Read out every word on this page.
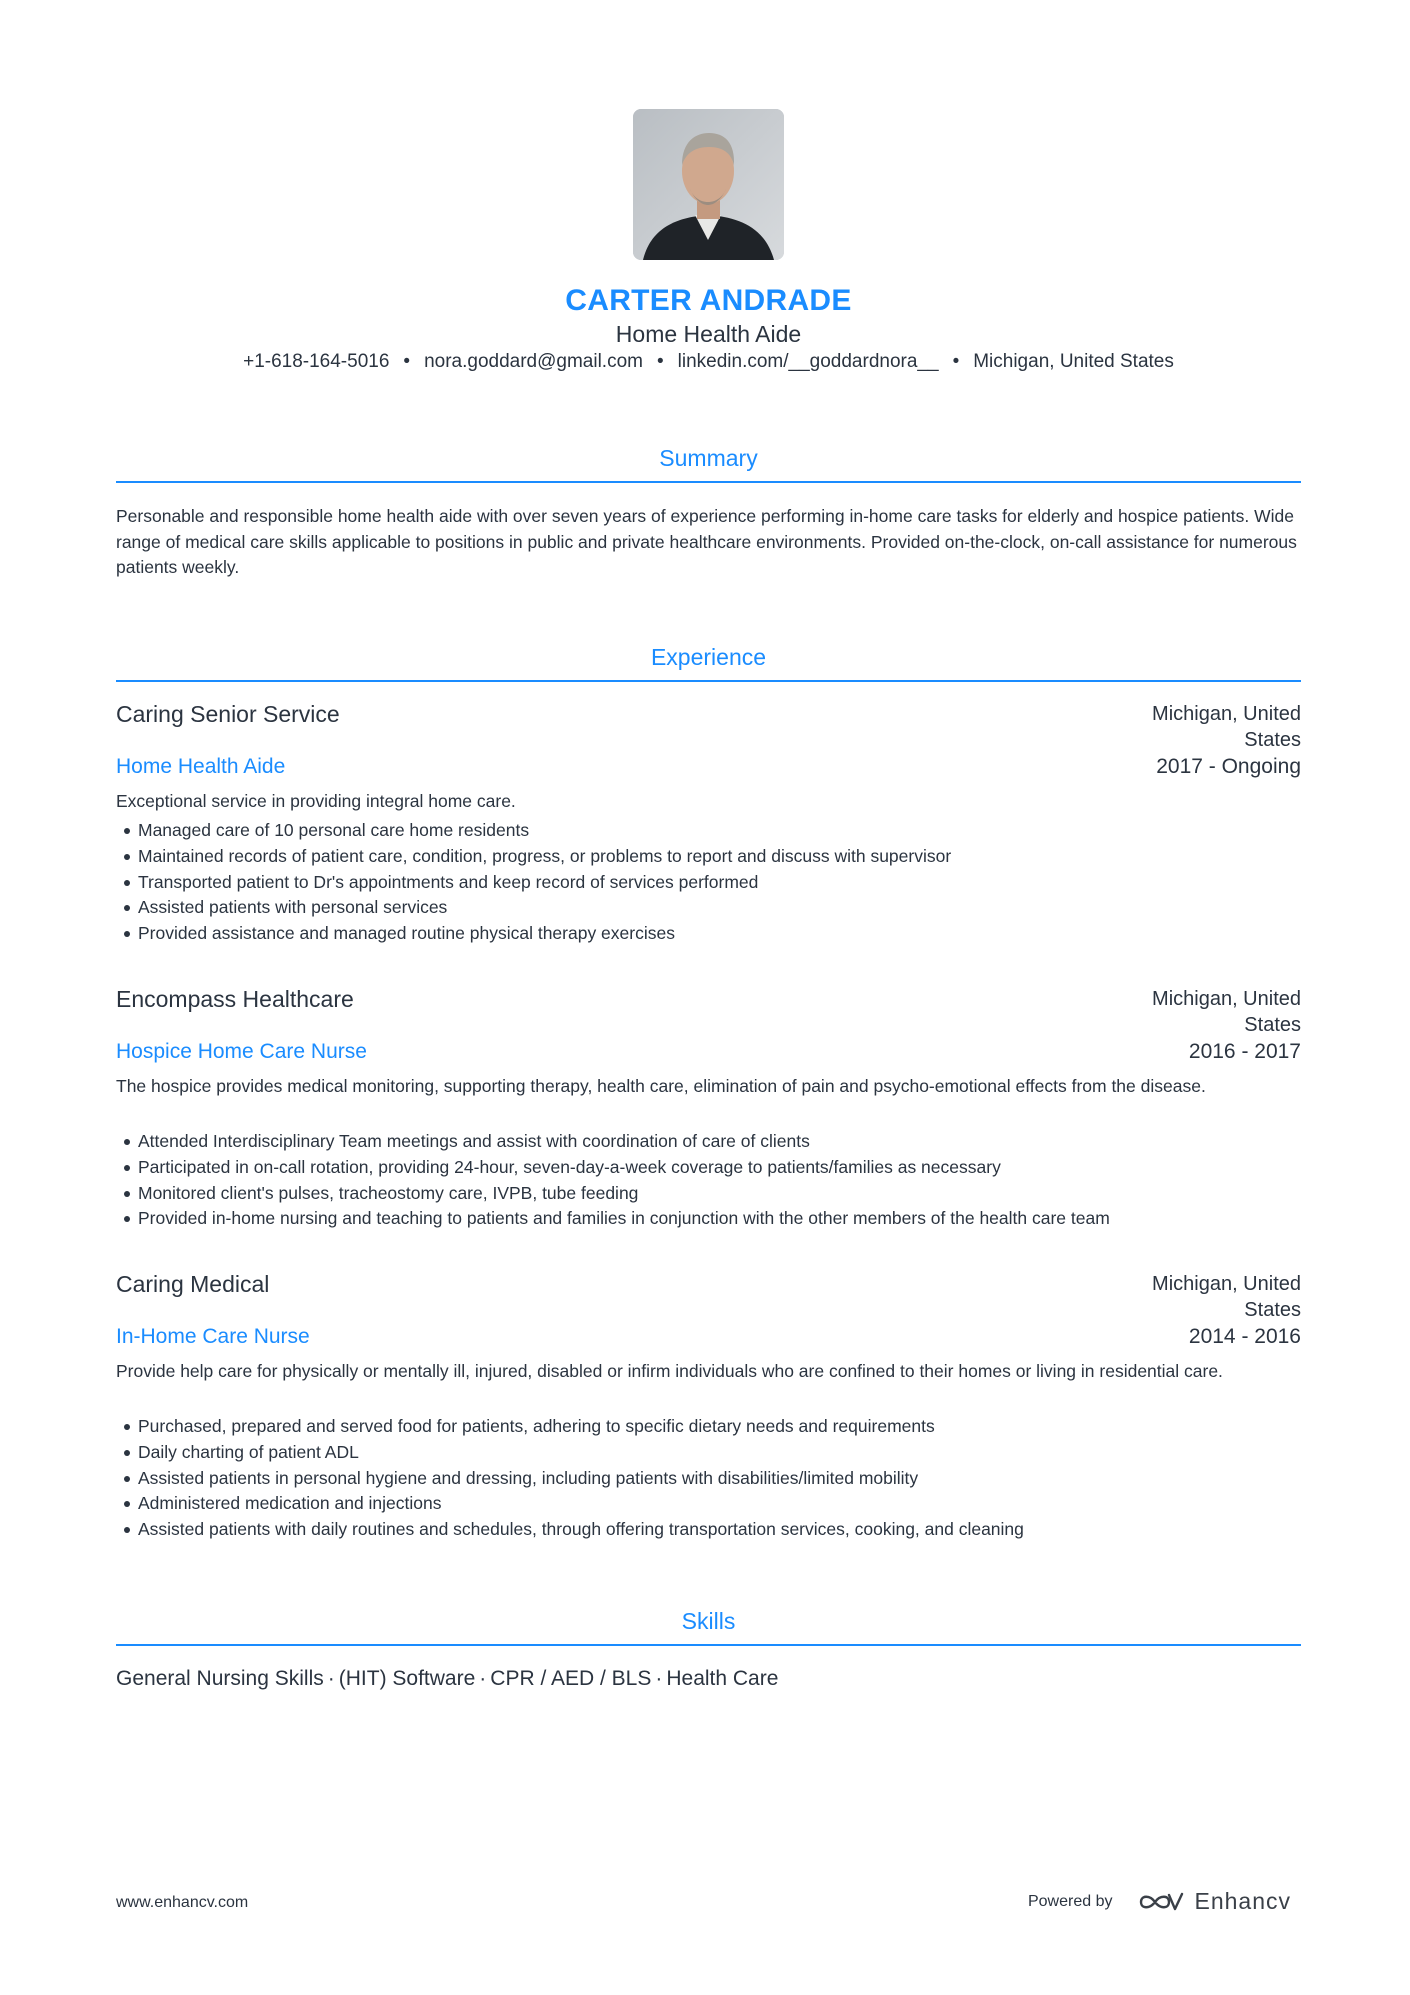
CARTER ANDRADE
Home Health Aide
+1-618-164-5016 • nora.goddard@gmail.com • linkedin.com/__goddardnora__ • Michigan, United States
Summary
Personable and responsible home health aide with over seven years of experience performing in-home care tasks for elderly and hospice patients. Wide range of medical care skills applicable to positions in public and private healthcare environments. Provided on-the-clock, on-call assistance for numerous patients weekly.
Experience
Caring Senior Service	Michigan, United States
Home Health Aide	2017 - Ongoing
Exceptional service in providing integral home care.
Managed care of 10 personal care home residents
Maintained records of patient care, condition, progress, or problems to report and discuss with supervisor
Transported patient to Dr's appointments and keep record of services performed
Assisted patients with personal services
Provided assistance and managed routine physical therapy exercises
Encompass Healthcare	Michigan, United States
Hospice Home Care Nurse	2016 - 2017
The hospice provides medical monitoring, supporting therapy, health care, elimination of pain and psycho-emotional effects from the disease.
Attended Interdisciplinary Team meetings and assist with coordination of care of clients
Participated in on-call rotation, providing 24-hour, seven-day-a-week coverage to patients/families as necessary
Monitored client's pulses, tracheostomy care, IVPB, tube feeding
Provided in-home nursing and teaching to patients and families in conjunction with the other members of the health care team
Caring Medical	Michigan, United States
In-Home Care Nurse	2014 - 2016
Provide help care for physically or mentally ill, injured, disabled or infirm individuals who are confined to their homes or living in residential care.
Purchased, prepared and served food for patients, adhering to specific dietary needs and requirements
Daily charting of patient ADL
Assisted patients in personal hygiene and dressing, including patients with disabilities/limited mobility
Administered medication and injections
Assisted patients with daily routines and schedules, through offering transportation services, cooking, and cleaning
Skills
General Nursing Skills · (HIT) Software · CPR / AED / BLS · Health Care
www.enhancv.com	Powered by	Enhancv
